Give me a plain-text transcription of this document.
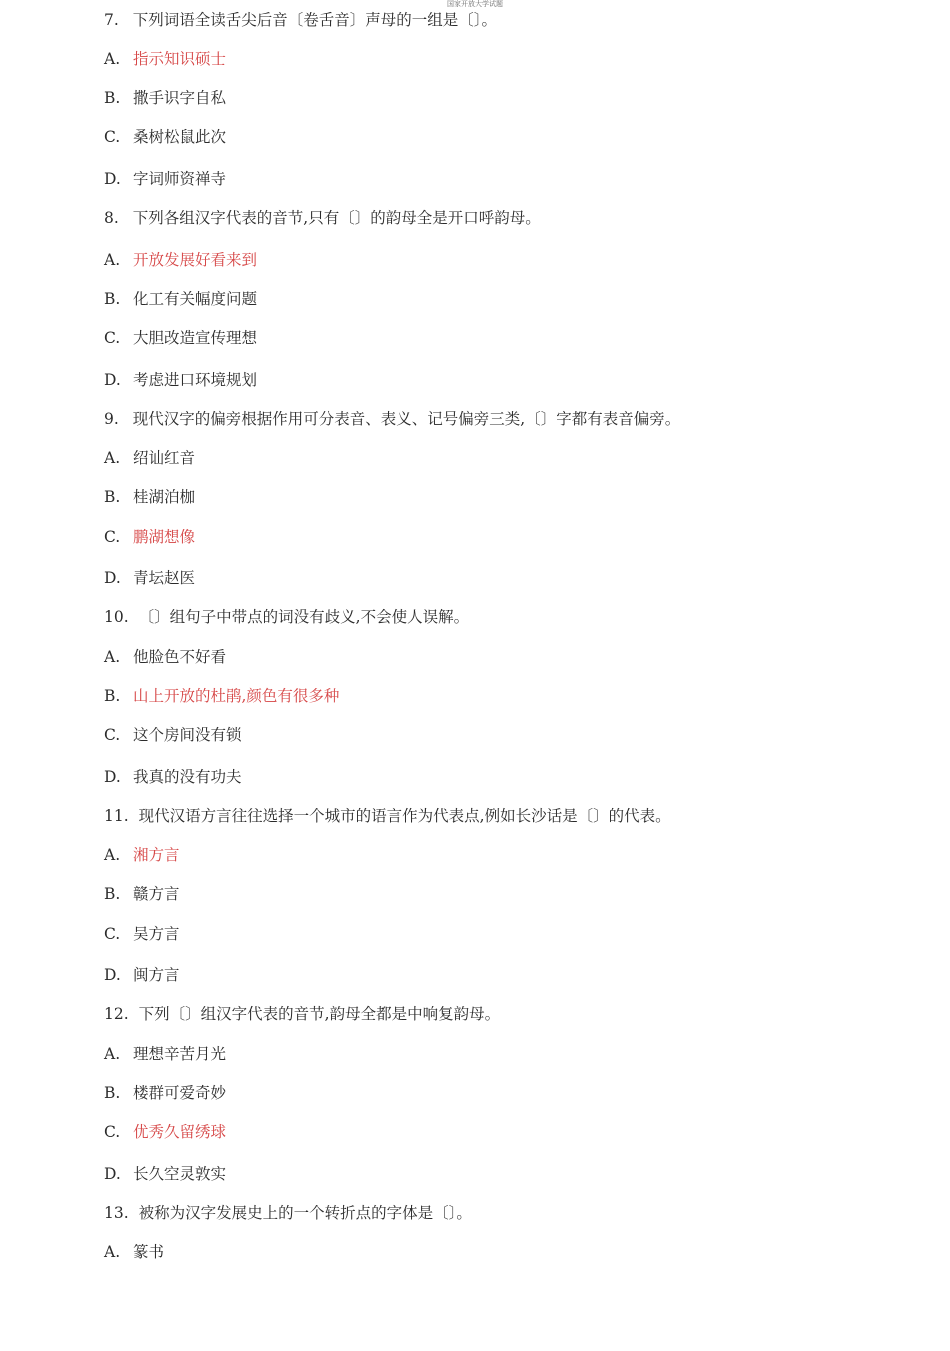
国家开放大学试题
7. 下列词语全读舌尖后音〔卷舌音〕声母的一组是〔〕。
A. 指示知识硕士
B. 撒手识字自私
C. 桑树松鼠此次
D. 字词师资禅寺
8. 下列各组汉字代表的音节,只有〔〕的韵母全是开口呼韵母。
A. 开放发展好看来到
B. 化工有关幅度问题
C. 大胆改造宣传理想
D. 考虑进口环境规划
9. 现代汉字的偏旁根据作用可分表音、表义、记号偏旁三类,〔〕字都有表音偏旁。
A. 绍讪红音
B. 桂湖泊枷
C. 鹏湖想像
D. 青坛赵医
10. 〔〕组句子中带点的词没有歧义,不会使人误解。
A. 他脸色不好看
B. 山上开放的杜鹃,颜色有很多种
C. 这个房间没有锁
D. 我真的没有功夫
11. 现代汉语方言往往选择一个城市的语言作为代表点,例如长沙话是〔〕的代表。
A. 湘方言
B. 赣方言
C. 吴方言
D. 闽方言
12. 下列〔〕组汉字代表的音节,韵母全都是中响复韵母。
A. 理想辛苦月光
B. 楼群可爱奇妙
C. 优秀久留绣球
D. 长久空灵敦实
13. 被称为汉字发展史上的一个转折点的字体是〔〕。
A. 篆书
